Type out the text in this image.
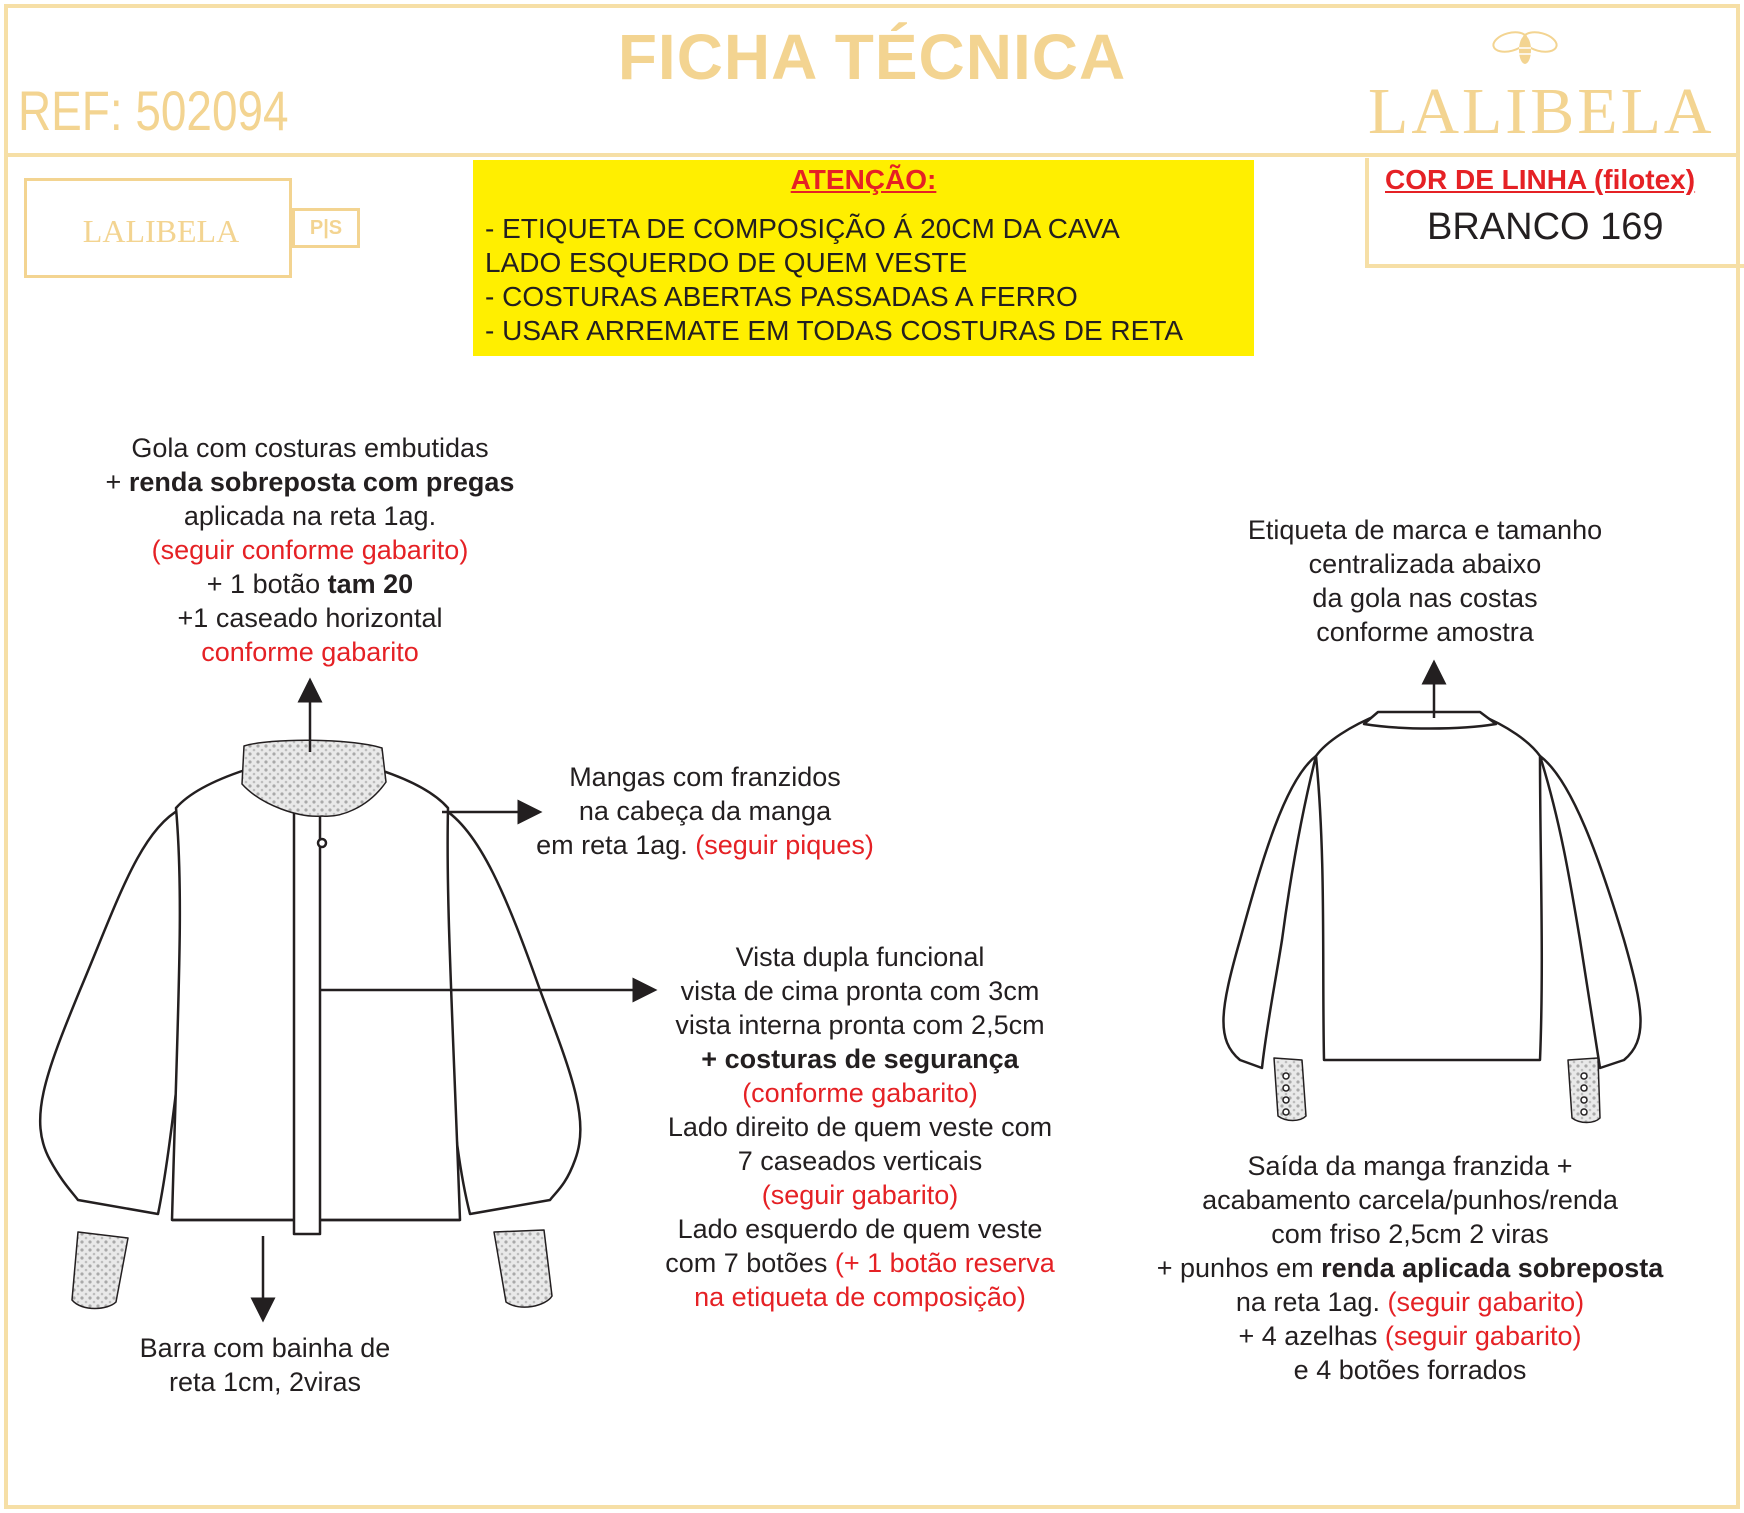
FICHA TÉCNICA
REF: 502094	LALIBELA
LALIBELA	P|S
ATENÇÃO:
- ETIQUETA DE COMPOSIÇÃO Á 20CM DA CAVA
LADO ESQUERDO DE QUEM VESTE
- COSTURAS ABERTAS PASSADAS A FERRO
- USAR ARREMATE EM TODAS COSTURAS DE RETA
COR DE LINHA (filotex)
BRANCO 169
Gola com costuras embutidas
+ renda sobreposta com pregas
aplicada na reta 1ag.
(seguir conforme gabarito)
+ 1 botão tam 20
+1 caseado horizontal
conforme gabarito
Mangas com franzidos
na cabeça da manga
em reta 1ag. (seguir piques)
Vista dupla funcional
vista de cima pronta com 3cm
vista interna pronta com 2,5cm
+ costuras de segurança
(conforme gabarito)
Lado direito de quem veste com
7 caseados verticais
(seguir gabarito)
Lado esquerdo de quem veste
com 7 botões (+ 1 botão reserva
na etiqueta de composição)
Barra com bainha de
reta 1cm, 2viras
Etiqueta de marca e tamanho
centralizada abaixo
da gola nas costas
conforme amostra
Saída da manga franzida +
acabamento carcela/punhos/renda
com friso 2,5cm 2 viras
+ punhos em renda aplicada sobreposta
na reta 1ag. (seguir gabarito)
+ 4 azelhas (seguir gabarito)
e 4 botões forrados
